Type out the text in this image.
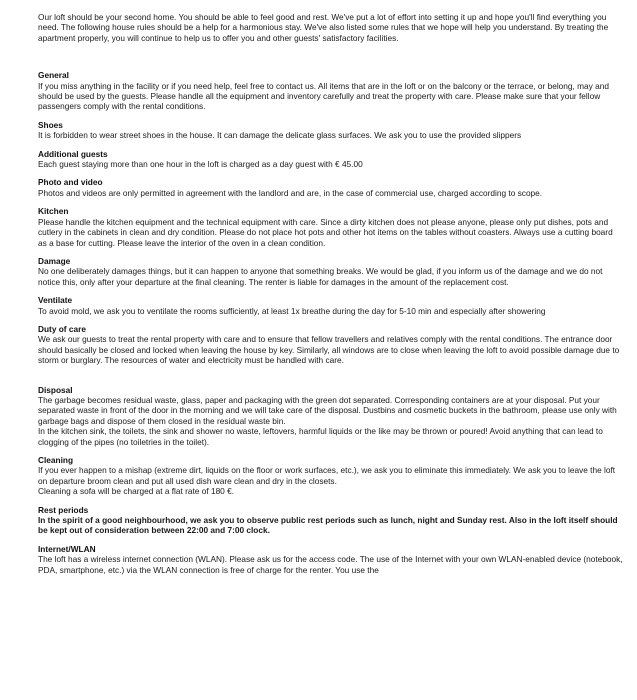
Our loft should be your second home. You should be able to feel good and rest. We've put a lot of effort into setting it up and hope you'll find everything you need. The following house rules should be a help for a harmonious stay. We've also listed some rules that we hope will help you understand. By treating the apartment properly, you will continue to help us to offer you and other guests' satisfactory facilities.

General

If you miss anything in the facility or if you need help, feel free to contact us. All items that are in the loft or on the balcony or the terrace, or belong, may and should be used by the guests. Please handle all the equipment and inventory carefully and treat the property with care. Please make sure that your fellow passengers comply with the rental conditions.

Shoes

It is forbidden to wear street shoes in the house. It can damage the delicate glass surfaces. We ask you to use the provided slippers

Additional guests

Each guest staying more than one hour in the loft is charged as a day guest with € 45.00

Photo and video

Photos and videos are only permitted in agreement with the landlord and are, in the case of commercial use, charged according to scope.

Kitchen

Please handle the kitchen equipment and the technical equipment with care. Since a dirty kitchen does not please anyone, please only put dishes, pots and cutlery in the cabinets in clean and dry condition. Please do not place hot pots and other hot items on the tables without coasters. Always use a cutting board as a base for cutting. Please leave the interior of the oven in a clean condition.

Damage

No one deliberately damages things, but it can happen to anyone that something breaks. We would be glad, if you inform us of the damage and we do not notice this, only after your departure at the final cleaning. The renter is liable for damages in the amount of the replacement cost.

Ventilate

To avoid mold, we ask you to ventilate the rooms sufficiently, at least 1x breathe during the day for 5-10 min and especially after showering

Duty of care

We ask our guests to treat the rental property with care and to ensure that fellow travellers and relatives comply with the rental conditions. The entrance door should basically be closed and locked when leaving the house by key. Similarly, all windows are to close when leaving the loft to avoid possible damage due to storm or burglary. The resources of water and electricity must be handled with care.

Disposal

The garbage becomes residual waste, glass, paper and packaging with the green dot separated. Corresponding containers are at your disposal. Put your separated waste in front of the door in the morning and we will take care of the disposal. Dustbins and cosmetic buckets in the bathroom, please use only with garbage bags and dispose of them closed in the residual waste bin.

In the kitchen sink, the toilets, the sink and shower no waste, leftovers, harmful liquids or the like may be thrown or poured! Avoid anything that can lead to clogging of the pipes (no toiletries in the toilet).

Cleaning

If you ever happen to a mishap (extreme dirt, liquids on the floor or work surfaces, etc.), we ask you to eliminate this immediately. We ask you to leave the loft on departure broom clean and put all used dish ware clean and dry in the closets.

Cleaning a sofa will be charged at a flat rate of 180 €.

Rest periods

In the spirit of a good neighbourhood, we ask you to observe public rest periods such as lunch, night and Sunday rest. Also in the loft itself should be kept out of consideration between 22:00 and 7:00 clock.

Internet/WLAN

The loft has a wireless internet connection (WLAN). Please ask us for the access code. The use of the Internet with your own WLAN-enabled device (notebook, PDA, smartphone, etc.) via the WLAN connection is free of charge for the renter. You use the
